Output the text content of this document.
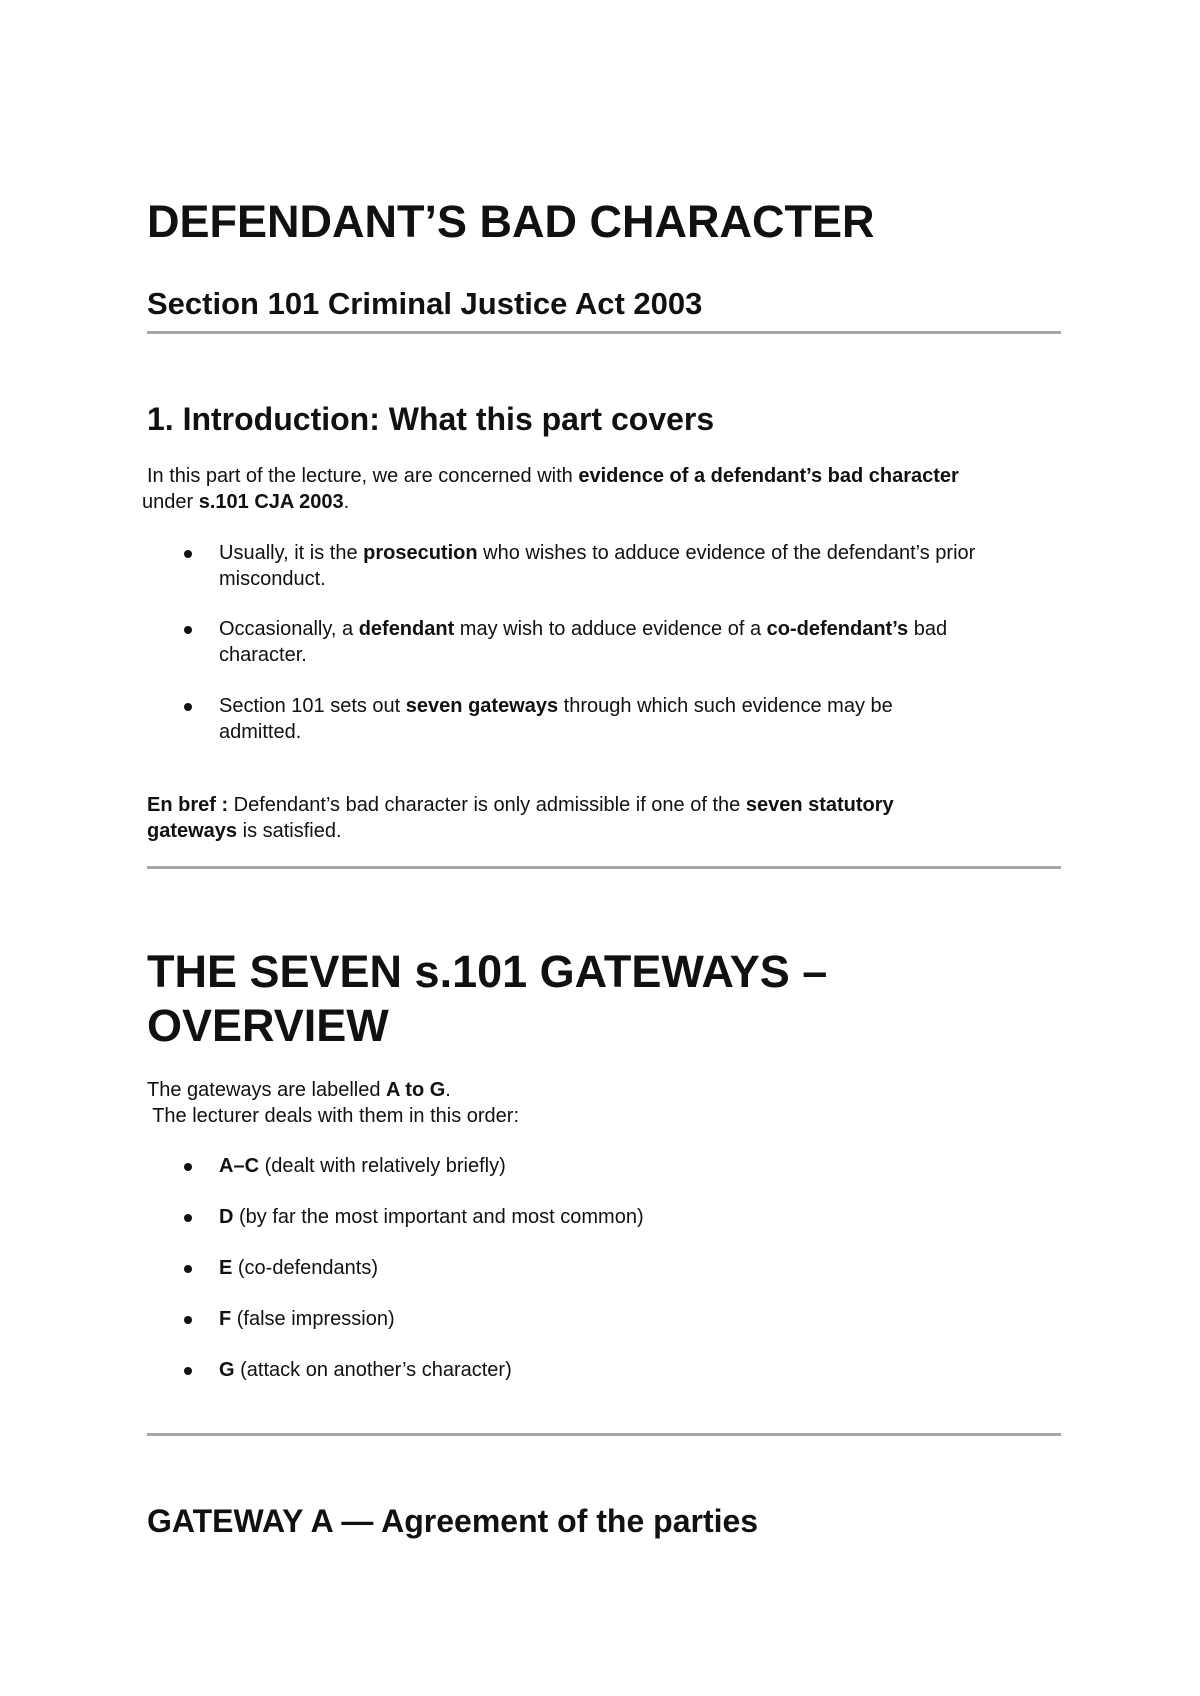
DEFENDANT’S BAD CHARACTER
Section 101 Criminal Justice Act 2003
1. Introduction: What this part covers

In this part of the lecture, we are concerned with evidence of a defendant’s bad character
under s.101 CJA 2003.

Usually, it is the prosecution who wishes to adduce evidence of the defendant’s prior misconduct.
Occasionally, a defendant may wish to adduce evidence of a co-defendant’s bad character.
Section 101 sets out seven gateways through which such evidence may be admitted.

En bref : Defendant’s bad character is only admissible if one of the seven statutory gateways is satisfied.

THE SEVEN s.101 GATEWAYS –
OVERVIEW

The gateways are labelled A to G.
The lecturer deals with them in this order:

A–C (dealt with relatively briefly)
D (by far the most important and most common)
E (co-defendants)
F (false impression)
G (attack on another’s character)
GATEWAY A — Agreement of the parties
